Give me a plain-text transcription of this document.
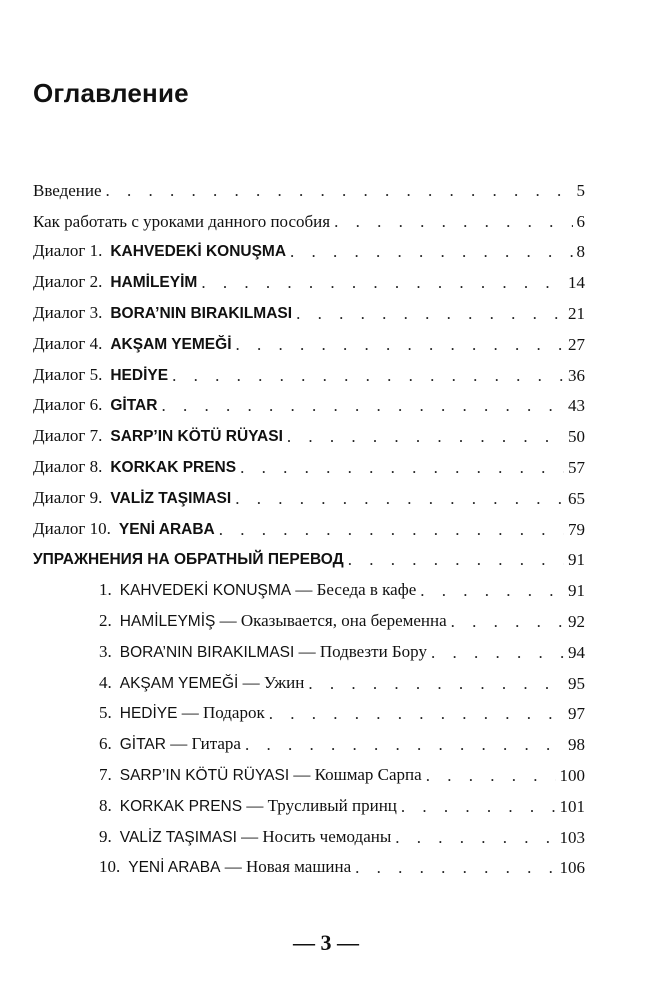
Оглавление
Введение . . .	5
Как работать с уроками данного пособия . . .	6
Диалог 1. KAHVEDEKİ KONUŞMA . . .	8
Диалог 2. HAMİLEYİM . . .	14
Диалог 3. BORA’NIN BIRAKILMASI . . .	21
Диалог 4. AKŞAM YEMEĞİ . . .	27
Диалог 5. HEDİYE . . .	36
Диалог 6. GİTAR . . .	43
Диалог 7. SARP’IN KÖTÜ RÜYASI . . .	50
Диалог 8. KORKAK PRENS . . .	57
Диалог 9. VALİZ TAŞIMASI . . .	65
Диалог 10. YENİ ARABA . . .	79
УПРАЖНЕНИЯ НА ОБРАТНЫЙ ПЕРЕВОД . . .	91
1. KAHVEDEKİ KONUŞMA — Беседа в кафе . . .	91
2. HAMİLEYMİŞ — Оказывается, она беременна . . .	92
3. BORA’NIN BIRAKILMASI — Подвезти Бору . . .	94
4. AKŞAM YEMEĞİ — Ужин . . .	95
5. HEDİYE — Подарок . . .	97
6. GİTAR — Гитара . . .	98
7. SARP’IN KÖTÜ RÜYASI — Кошмар Сарпа . . .	100
8. KORKAK PRENS — Трусливый принц . . .	101
9. VALİZ TAŞIMASI — Носить чемоданы . . .	103
10. YENİ ARABA — Новая машина . . .	106
— 3 —
